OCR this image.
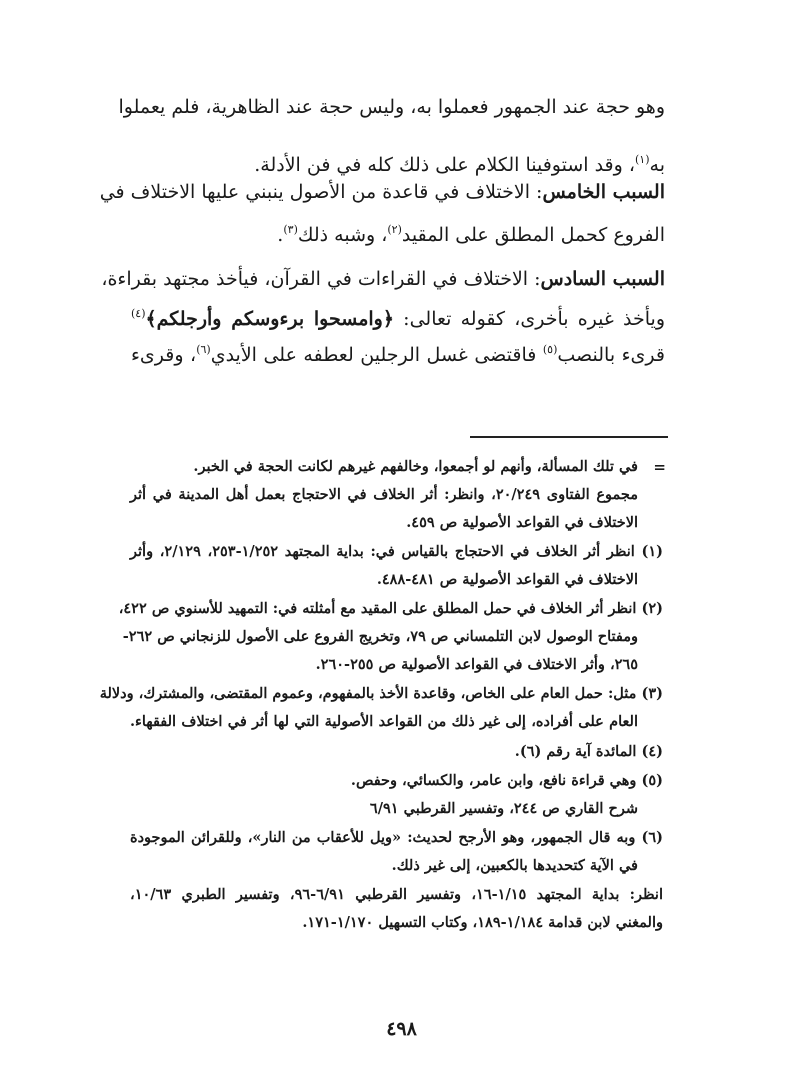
وهو حجة عند الجمهور فعملوا به، وليس حجة عند الظاهرية، فلم يعملوا
به$^{(١)}$، وقد استوفينا الكلام على ذلك كله في فن الأدلة.
السبب الخامس: الاختلاف في قاعدة من الأصول ينبني عليها الاختلاف في
الفروع كحمل المطلق على المقيد$^{(٢)}$، وشبه ذلك$^{(٣)}$.
السبب السادس: الاختلاف في القراءات في القرآن، فيأخذ مجتهد بقراءة،
ويأخذ غيره بأخرى، كقوله تعالى: ﴿وامسحوا برءوسكم وأرجلكم﴾$^{(٤)}$
قرىء بالنصب$^{(٥)}$ فاقتضى غسل الرجلين لعطفه على الأيدي$^{(٦)}$، وقرىء
=
في تلك المسألة، وأنهم لو أجمعوا، وخالفهم غيرهم لكانت الحجة في الخبر.
مجموع الفتاوى ٢٠/٢٤٩، وانظر: أثر الخلاف في الاحتجاج بعمل أهل المدينة في أثر
الاختلاف في القواعد الأصولية ص ٤٥٩.
(١) انظر أثر الخلاف في الاحتجاج بالقياس في: بداية المجتهد ١/٢٥٢-٢٥٣، ٢/١٢٩، وأثر
الاختلاف في القواعد الأصولية ص ٤٨١-٤٨٨.
(٢) انظر أثر الخلاف في حمل المطلق على المقيد مع أمثلته في: التمهيد للأسنوي ص ٤٢٢،
ومفتاح الوصول لابن التلمساني ص ٧٩، وتخريج الفروع على الأصول للزنجاني ص ٢٦٢-
٢٦٥، وأثر الاختلاف في القواعد الأصولية ص ٢٥٥-٢٦٠.
(٣) مثل: حمل العام على الخاص، وقاعدة الأخذ بالمفهوم، وعموم المقتضى، والمشترك، ودلالة
العام على أفراده، إلى غير ذلك من القواعد الأصولية التي لها أثر في اختلاف الفقهاء.
(٤) المائدة آية رقم (٦).
(٥) وهي قراءة نافع، وابن عامر، والكسائي، وحفص.
شرح القاري ص ٢٤٤، وتفسير القرطبي ٦/٩١
(٦) وبه قال الجمهور، وهو الأرجح لحديث: «ويل للأعقاب من النار»، وللقرائن الموجودة
في الآية كتحديدها بالكعبين، إلى غير ذلك.
انظر: بداية المجتهد ١/١٥-١٦، وتفسير القرطبي ٦/٩١-٩٦، وتفسير الطبري ١٠/٦٣،
والمغني لابن قدامة ١/١٨٤-١٨٩، وكتاب التسهيل ١/١٧٠-١٧١.
٤٩٨
